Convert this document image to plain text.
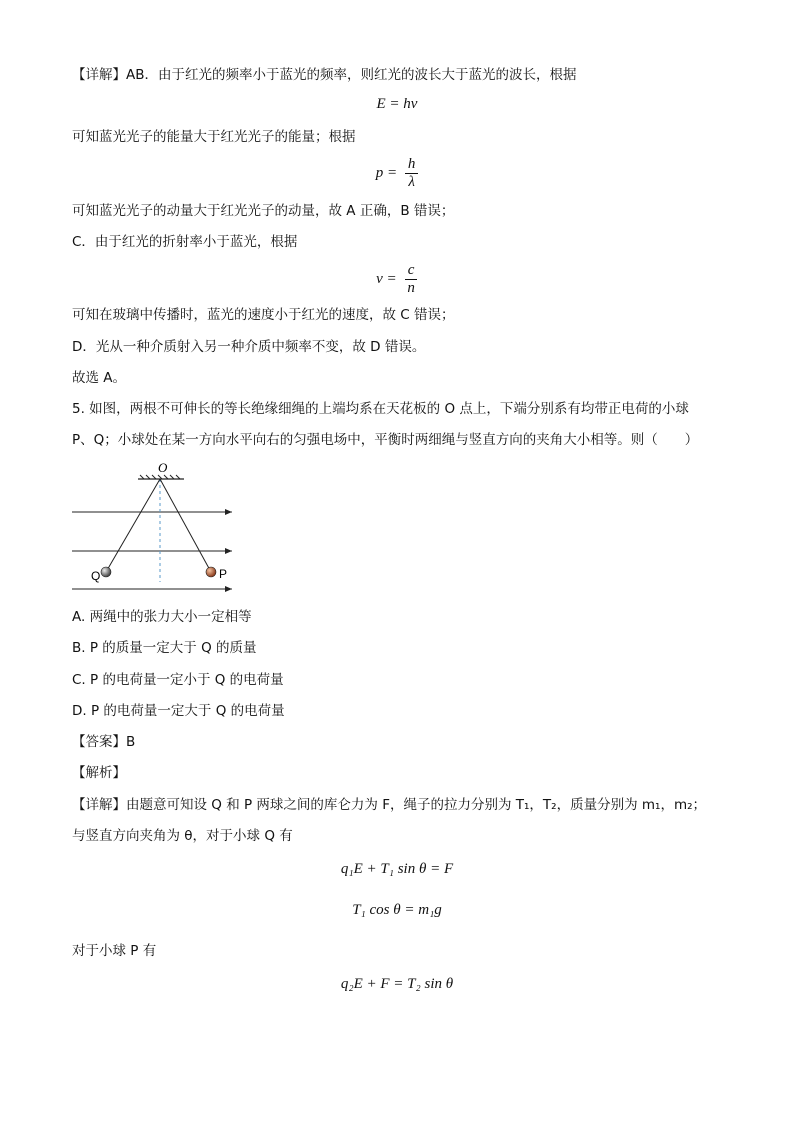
【详解】AB．由于红光的频率小于蓝光的频率，则红光的波长大于蓝光的波长，根据
E = hν
可知蓝光光子的能量大于红光光子的能量；根据
$p = \frac{h}{\lambda}$
可知蓝光光子的动量大于红光光子的动量，故 A 正确，B 错误；
C．由于红光的折射率小于蓝光，根据
$v = \frac{c}{n}$
可知在玻璃中传播时，蓝光的速度小于红光的速度，故 C 错误；
D．光从一种介质射入另一种介质中频率不变，故 D 错误。
故选 A。
5. 如图，两根不可伸长的等长绝缘细绳的上端均系在天花板的 O 点上，下端分别系有均带正电荷的小球
P、Q；小球处在某一方向水平向右的匀强电场中，平衡时两细绳与竖直方向的夹角大小相等。则（　　）
O
Q	P
A. 两绳中的张力大小一定相等
B. P 的质量一定大于 Q 的质量
C. P 的电荷量一定小于 Q 的电荷量
D. P 的电荷量一定大于 Q 的电荷量
【答案】B
【解析】
【详解】由题意可知设 Q 和 P 两球之间的库仑力为 F，绳子的拉力分别为 T₁，T₂，质量分别为 m₁，m₂；
与竖直方向夹角为 θ，对于小球 Q 有
q₁E + T₁ sin θ = F
T₁ cos θ = m₁g
对于小球 P 有
q₂E + F = T₂ sin θ
